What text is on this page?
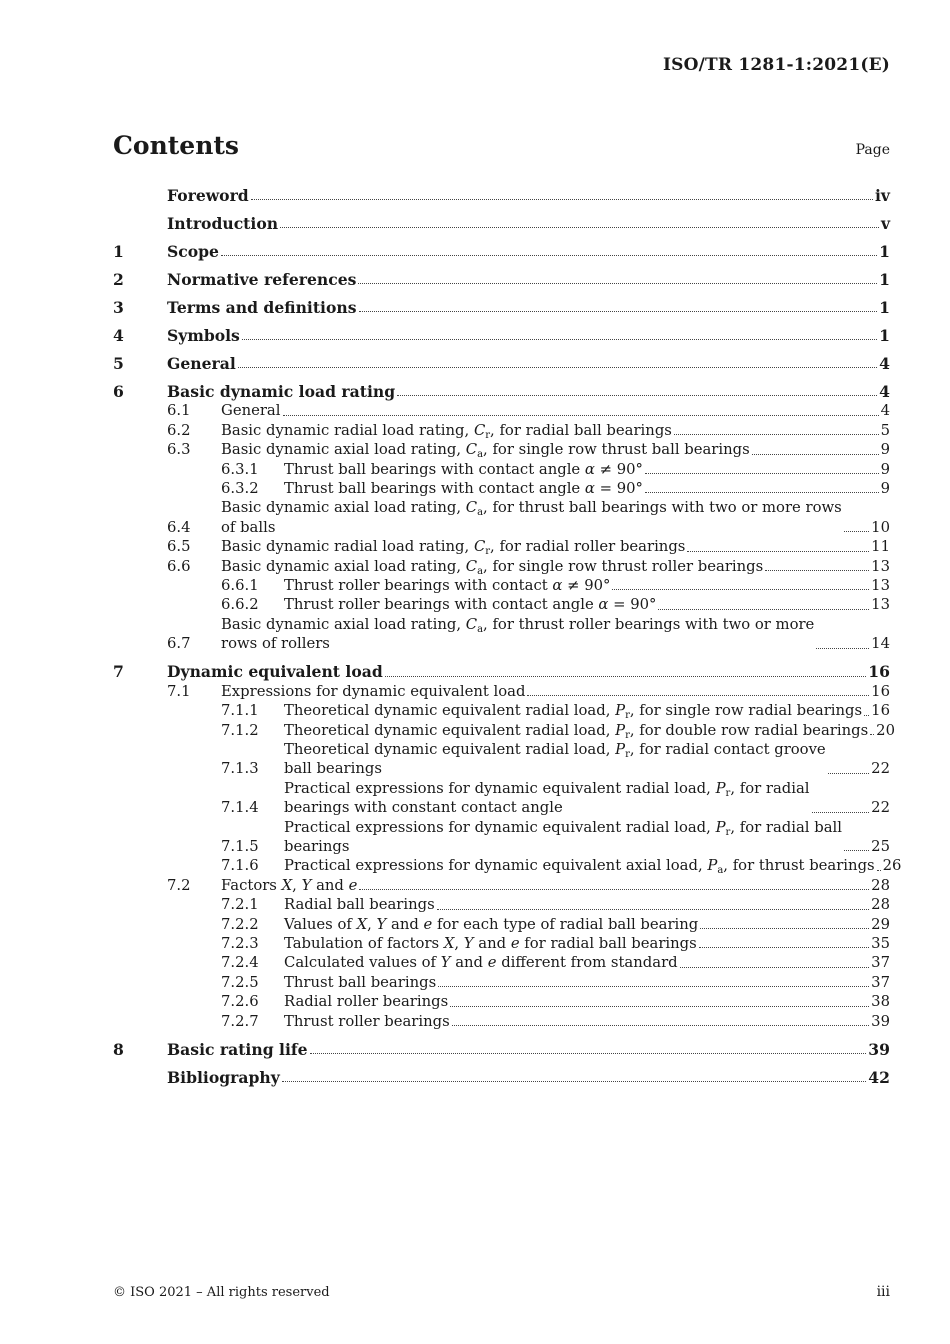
ISO/TR 1281-1:2021(E)
Contents	Page
Foreword	iv
Introduction	v
1	Scope	1
2	Normative references	1
3	Terms and definitions	1
4	Symbols	1
5	General	4
6	Basic dynamic load rating	4
6.1	General	4
6.2	Basic dynamic radial load rating, $C_r$, for radial ball bearings	5
6.3	Basic dynamic axial load rating, $C_a$, for single row thrust ball bearings	9
6.3.1	Thrust ball bearings with contact angle α ≠ 90°	9
6.3.2	Thrust ball bearings with contact angle α = 90°	9
6.4
Basic dynamic axial load rating, $C_a$, for thrust ball bearings with two or more rows
of balls	10
6.5	Basic dynamic radial load rating, $C_r$, for radial roller bearings	11
6.6	Basic dynamic axial load rating, $C_a$, for single row thrust roller bearings	13
6.6.1	Thrust roller bearings with contact α ≠ 90°	13
6.6.2	Thrust roller bearings with contact angle α = 90°	13
6.7
Basic dynamic axial load rating, $C_a$, for thrust roller bearings with two or more
rows of rollers	14
7	Dynamic equivalent load	16
7.1	Expressions for dynamic equivalent load	16
7.1.1	Theoretical dynamic equivalent radial load, $P_r$, for single row radial bearings 16
7.1.2	Theoretical dynamic equivalent radial load, $P_r$, for double row radial bearings 20
7.1.3
Theoretical dynamic equivalent radial load, $P_r$, for radial contact groove
ball bearings	22
7.1.4
Practical expressions for dynamic equivalent radial load, $P_r$, for radial
bearings with constant contact angle	22
7.1.5
Practical expressions for dynamic equivalent radial load, $P_r$, for radial ball
bearings	25
7.1.6	Practical expressions for dynamic equivalent axial load, $P_a$, for thrust bearings 26
7.2	Factors X, Y and e	28
7.2.1	Radial ball bearings	28
7.2.2	Values of X, Y and e for each type of radial ball bearing	29
7.2.3	Tabulation of factors X, Y and e for radial ball bearings	35
7.2.4	Calculated values of Y and e different from standard	37
7.2.5	Thrust ball bearings	37
7.2.6	Radial roller bearings	38
7.2.7	Thrust roller bearings	39
8	Basic rating life	39
Bibliography	42
© ISO 2021 – All rights reserved	iii
